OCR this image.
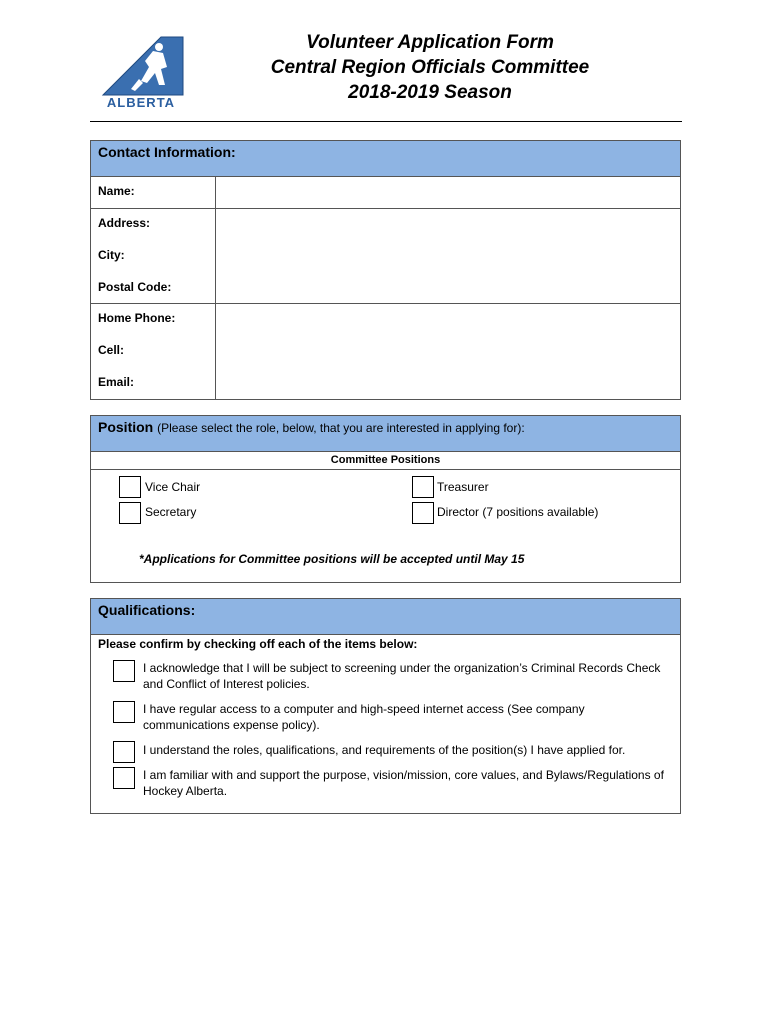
ALBERTA
Volunteer Application Form
Central Region Officials Committee
2018-2019 Season
Contact Information:
Name:
Address:
City:
Postal Code:
Home Phone:
Cell:
Email:
Position (Please select the role, below, that you are interested in applying for):
Committee Positions
Vice Chair
Secretary
Treasurer
Director (7 positions available)
*Applications for Committee positions will be accepted until May 15
Qualifications:
Please confirm by checking off each of the items below:
I acknowledge that I will be subject to screening under the organization’s Criminal Records Check and Conflict of Interest policies.
I have regular access to a computer and high-speed internet access (See company communications expense policy).
I understand the roles, qualifications, and requirements of the position(s) I have applied for.
I am familiar with and support the purpose, vision/mission, core values, and Bylaws/Regulations of Hockey Alberta.
